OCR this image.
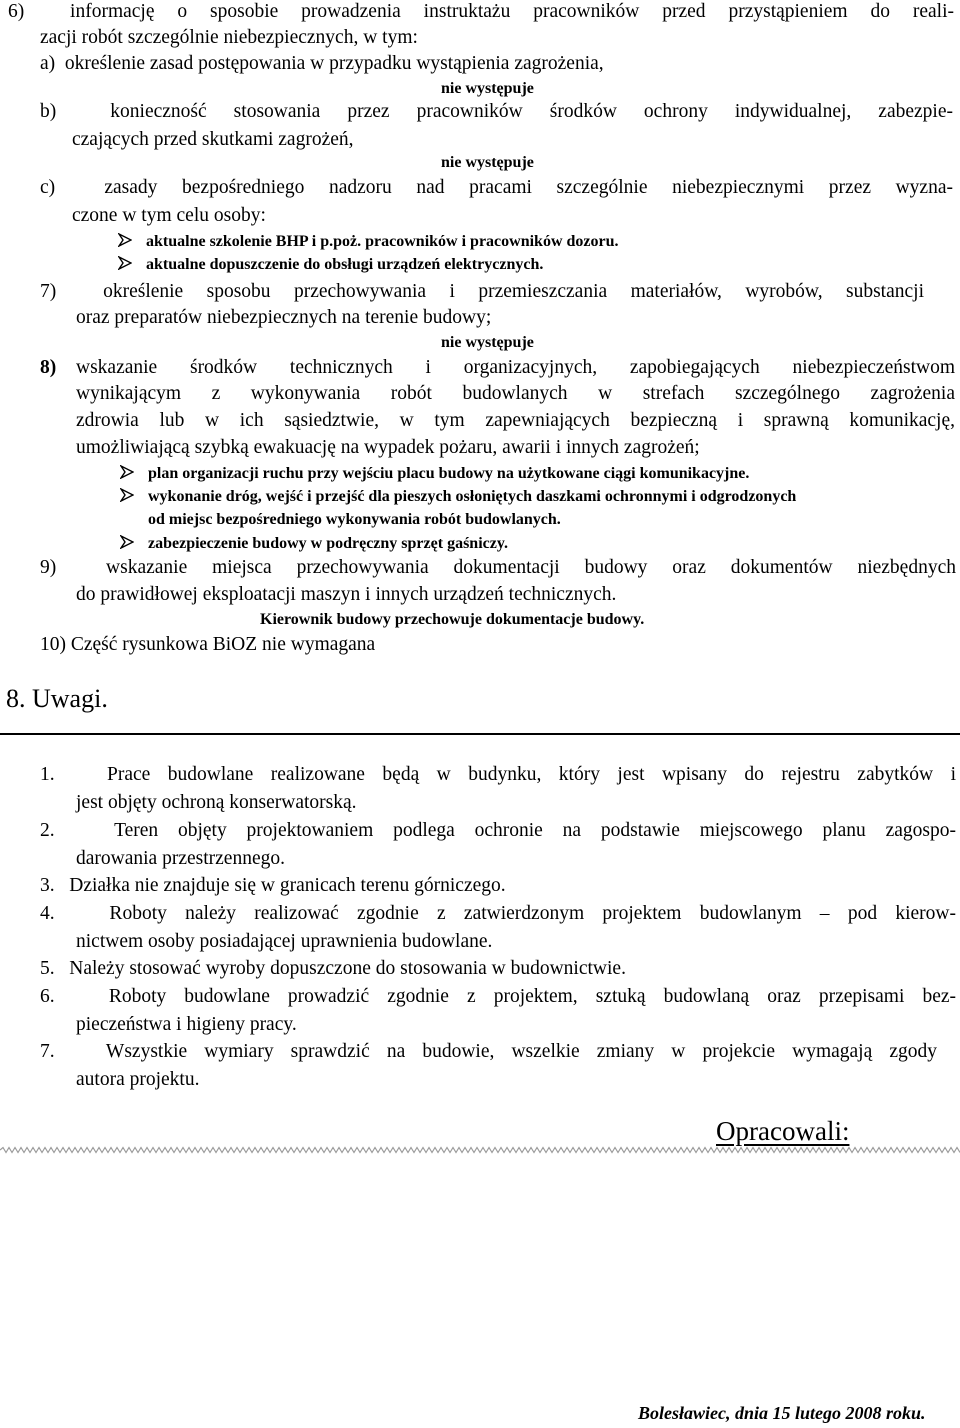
6)  informację o sposobie prowadzenia instruktażu pracowników przed przystąpieniem do reali-
zacji robót szczególnie niebezpiecznych, w tym:
a)  określenie zasad postępowania w przypadku wystąpienia zagrożenia,
nie występuje
b)  konieczność stosowania przez pracowników środków ochrony indywidualnej, zabezpie-
czających przed skutkami zagrożeń,
nie występuje
c)  zasady bezpośredniego nadzoru nad pracami szczególnie niebezpiecznymi przez wyzna-
czone w tym celu osoby:
aktualne szkolenie BHP i p.poż. pracowników i pracowników dozoru.
aktualne dopuszczenie do obsługi urządzeń elektrycznych.
7)  określenie sposobu przechowywania i przemieszczania materiałów, wyrobów, substancji
oraz preparatów niebezpiecznych na terenie budowy;
nie występuje
8) wskazanie środków technicznych i organizacyjnych, zapobiegających niebezpieczeństwom
wynikającym z wykonywania robót budowlanych w strefach szczególnego zagrożenia
zdrowia lub w ich sąsiedztwie, w tym zapewniających bezpieczną i sprawną komunikację,
umożliwiającą szybką ewakuację na wypadek pożaru, awarii i innych zagrożeń;
plan organizacji ruchu przy wejściu placu budowy na użytkowane ciągi komunikacyjne.
wykonanie dróg, wejść i przejść dla pieszych osłoniętych daszkami ochronnymi i odgrodzonych
od miejsc bezpośredniego wykonywania robót budowlanych.
zabezpieczenie budowy w podręczny sprzęt gaśniczy.
9)  wskazanie miejsca przechowywania dokumentacji budowy oraz dokumentów niezbędnych
do prawidłowej eksploatacji maszyn i innych urządzeń technicznych.
Kierownik budowy przechowuje dokumentacje budowy.
10) Część rysunkowa BiOZ nie wymagana
8. Uwagi.
1.   Prace budowlane realizowane będą w budynku, który jest wpisany do rejestru zabytków i
jest objęty ochroną konserwatorską.
2.   Teren objęty projektowaniem podlega ochronie na podstawie miejscowego planu zagospo-
darowania przestrzennego.
3.   Działka nie znajduje się w granicach terenu górniczego.
4.   Roboty należy realizować zgodnie z zatwierdzonym projektem budowlanym – pod kierow-
nictwem osoby posiadającej uprawnienia budowlane.
5.   Należy stosować wyroby dopuszczone do stosowania w budownictwie.
6.   Roboty budowlane prowadzić zgodnie z projektem, sztuką budowlaną oraz przepisami bez-
pieczeństwa i higieny pracy.
7.   Wszystkie wymiary sprawdzić na budowie, wszelkie zmiany w projekcie wymagają zgody
autora projektu.
Opracowali:
Bolesławiec, dnia 15 lutego 2008 roku.
